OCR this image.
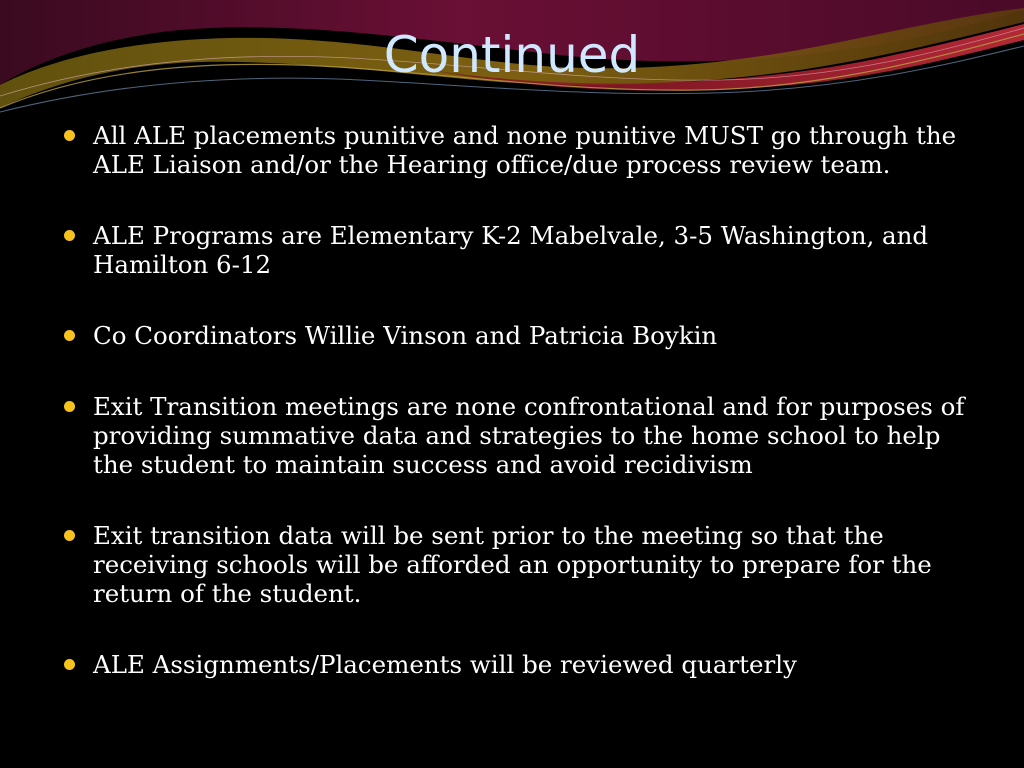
Continued
All ALE placements punitive and none punitive MUST go through the ALE Liaison and/or the Hearing office/due process review team.
ALE Programs are Elementary K-2 Mabelvale, 3-5 Washington, and Hamilton 6-12
Co Coordinators Willie Vinson and Patricia Boykin
Exit Transition meetings are none confrontational and for purposes of providing summative data and strategies to the home school to help the student to maintain success and avoid recidivism
Exit transition data will be sent prior to the meeting so that the receiving schools will be afforded an opportunity to prepare for the return of the student.
ALE Assignments/Placements will be reviewed quarterly
